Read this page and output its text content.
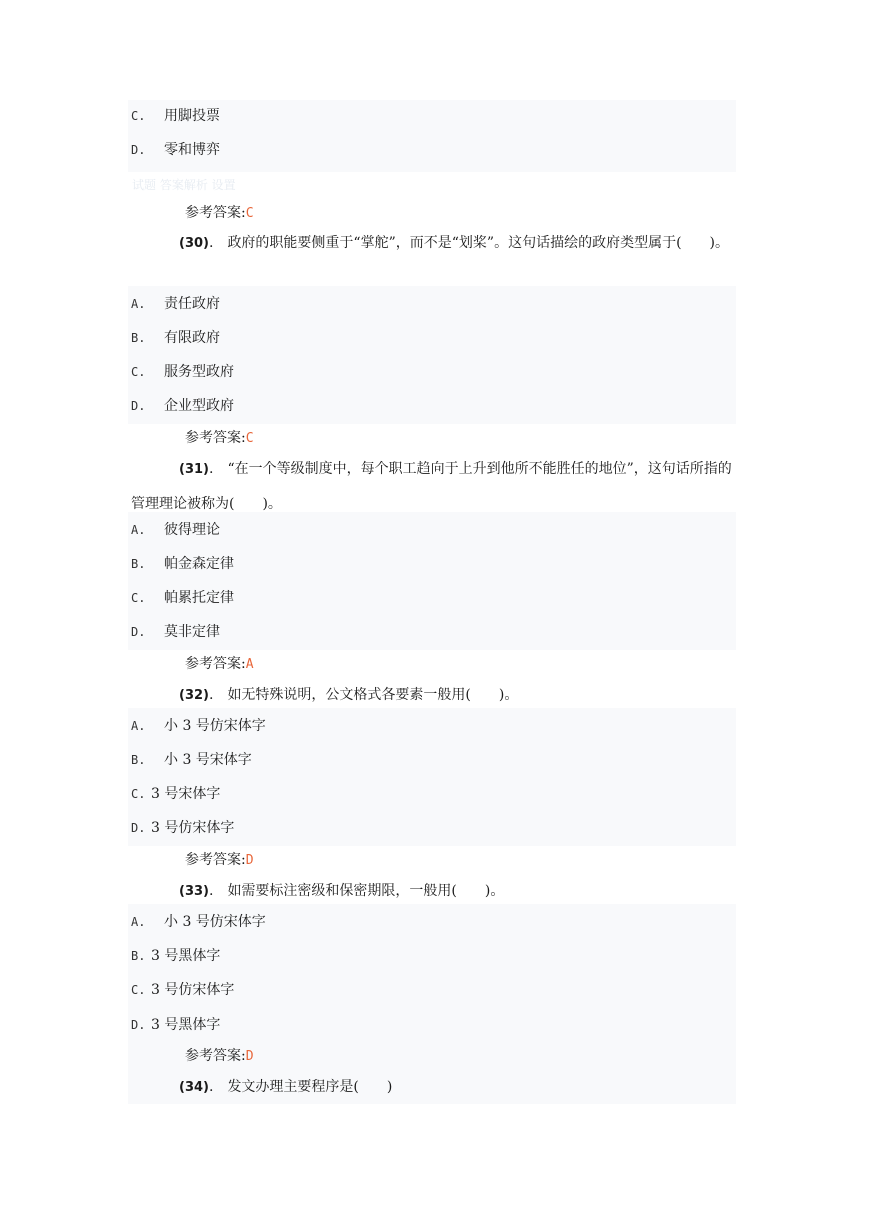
试题 答案解析 设置
C. 用脚投票
D. 零和博弈
参考答案:C
(30). 政府的职能要侧重于“掌舵”，而不是“划桨”。这句话描绘的政府类型属于(　　)。
A. 责任政府
B. 有限政府
C. 服务型政府
D. 企业型政府
参考答案:C
(31). “在一个等级制度中，每个职工趋向于上升到他所不能胜任的地位”，这句话所指的管理理论被称为(　　)。
A. 彼得理论
B. 帕金森定律
C. 帕累托定律
D. 莫非定律
参考答案:A
(32). 如无特殊说明，公文格式各要素一般用(　　)。
A. 小 3 号仿宋体字
B. 小 3 号宋体字
C. 3 号宋体字
D. 3 号仿宋体字
参考答案:D
(33). 如需要标注密级和保密期限，一般用(　　)。
A. 小 3 号仿宋体字
B. 3 号黑体字
C. 3 号仿宋体字
D. 3 号黑体字
参考答案:D
(34). 发文办理主要程序是(　　)
